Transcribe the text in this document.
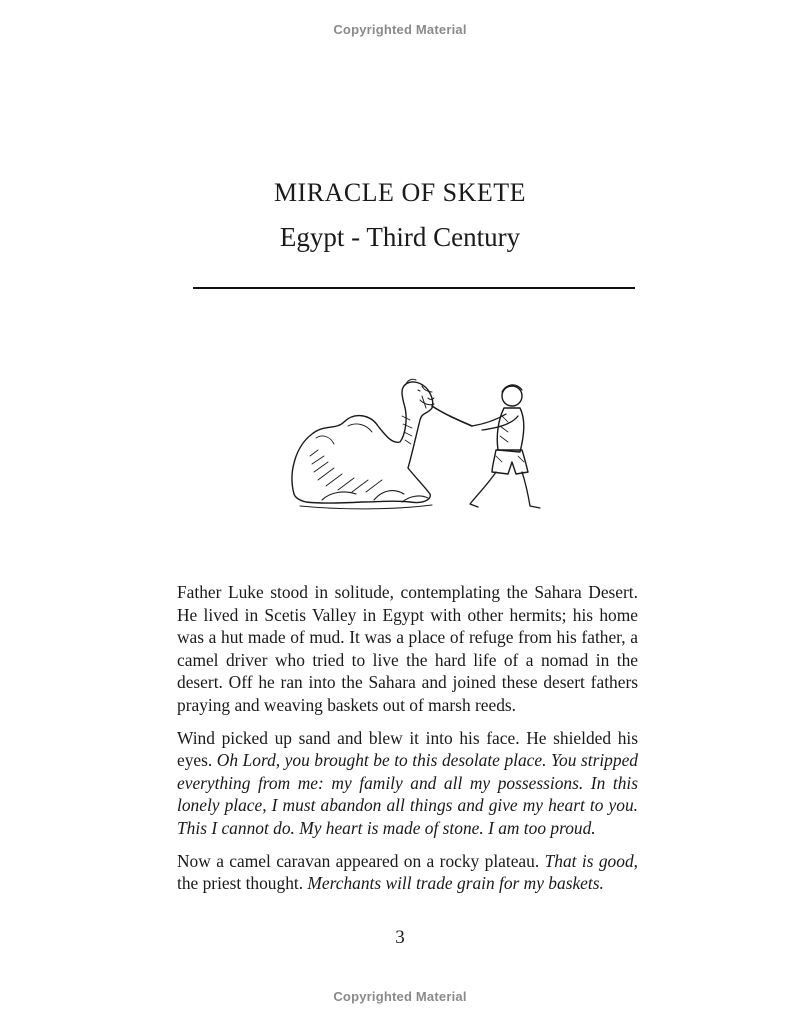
Copyrighted Material
MIRACLE OF SKETE
Egypt - Third Century

Father Luke stood in solitude, contemplating the Sahara Desert. He lived in Scetis Valley in Egypt with other hermits; his home was a hut made of mud. It was a place of refuge from his father, a camel driver who tried to live the hard life of a nomad in the desert. Off he ran into the Sahara and joined these desert fathers praying and weaving baskets out of marsh reeds.

Wind picked up sand and blew it into his face. He shielded his eyes. Oh Lord, you brought be to this desolate place. You stripped everything from me: my family and all my possessions. In this lonely place, I must abandon all things and give my heart to you. This I cannot do. My heart is made of stone. I am too proud.

Now a camel caravan appeared on a rocky plateau. That is good, the priest thought. Merchants will trade grain for my baskets.

3
Copyrighted Material
